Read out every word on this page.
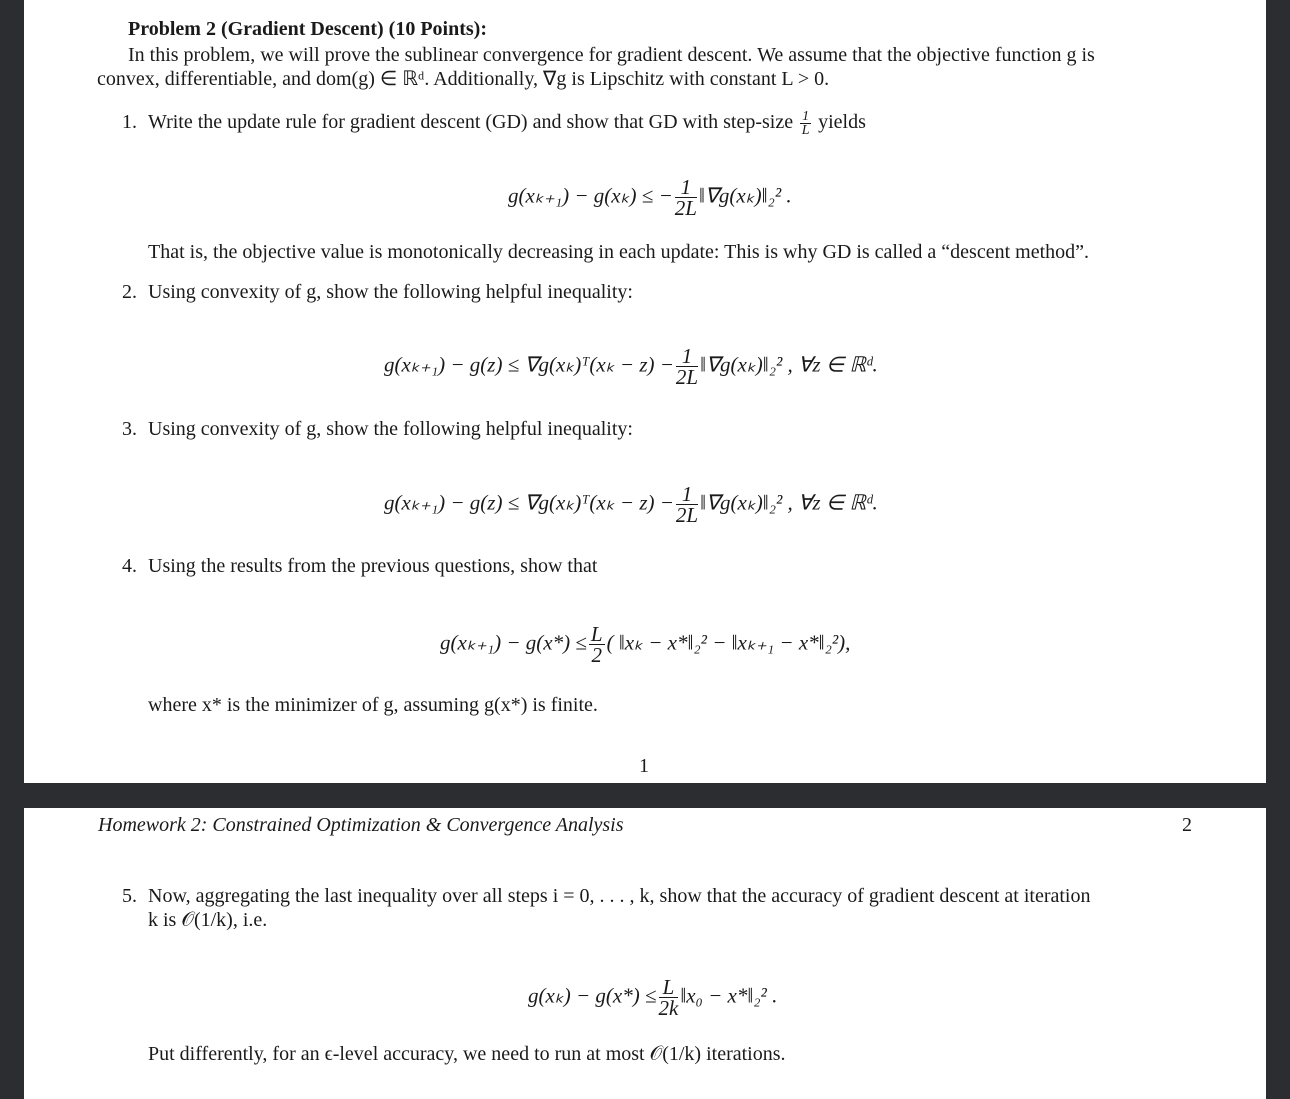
Problem 2 (Gradient Descent) (10 Points):
In this problem, we will prove the sublinear convergence for gradient descent. We assume that the objective function g is
convex, differentiable, and dom(g) ∈ ℝᵈ. Additionally, ∇g is Lipschitz with constant L > 0.
1. Write the update rule for gradient descent (GD) and show that GD with step-size $\frac{1}{L}$ yields
g(xₖ₊₁) − g(xₖ) ≤ − $\frac{1}{2L}$ ‖∇g(xₖ)‖₂² .
That is, the objective value is monotonically decreasing in each update: This is why GD is called a “descent method”.
2. Using convexity of g, show the following helpful inequality:
g(xₖ₊₁) − g(z) ≤ ∇g(xₖ)ᵀ(xₖ − $z) - \frac{1}{2L}$ ‖∇g(xₖ)‖₂² , ∀z ∈ ℝᵈ.
3. Using convexity of g, show the following helpful inequality:
g(xₖ₊₁) − g(z) ≤ ∇g(xₖ)ᵀ(xₖ − $z) - \frac{1}{2L}$ ‖∇g(xₖ)‖₂² , ∀z ∈ ℝᵈ.
4. Using the results from the previous questions, show that
$g(x_{k+1}) - g(x*) \le \frac{L}{2}$ ( ‖xₖ − x*‖₂² − ‖xₖ₊₁ − x*‖₂²),
where x* is the minimizer of g, assuming g(x*) is finite.
1
Homework 2: Constrained Optimization & Convergence Analysis	2
5. Now, aggregating the last inequality over all steps i = 0, . . . , k, show that the accuracy of gradient descent at iteration
k is 𝒪(1/k), i.e.
$g(x_k) - g(x*) \le \frac{L}{2k}$ ‖x₀ − x*‖₂² .
Put differently, for an ϵ-level accuracy, we need to run at most 𝒪(1/k) iterations.
